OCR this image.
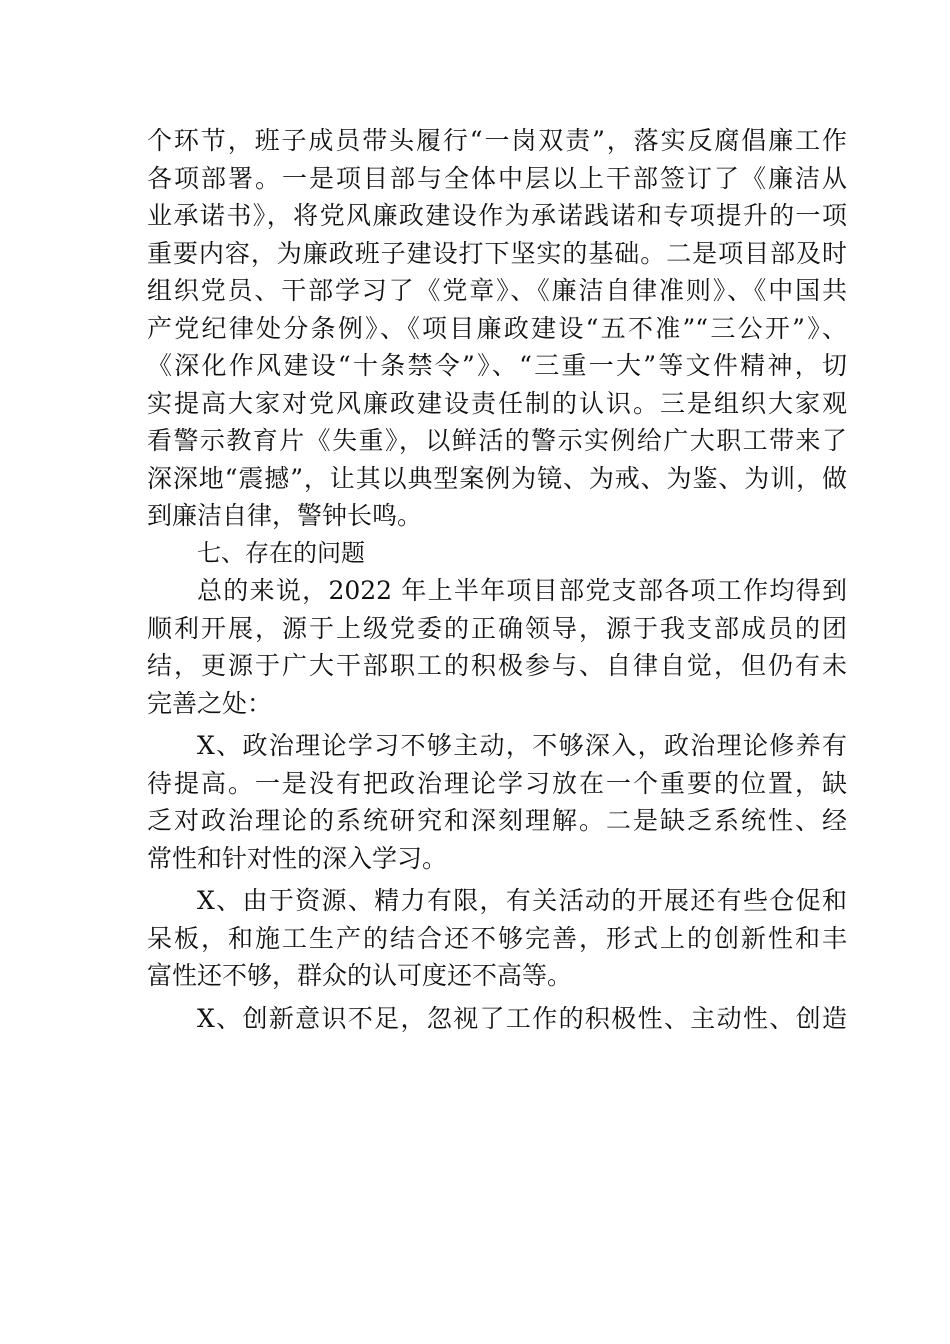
个环节，班子成员带头履行“一岗双责”，落实反腐倡廉工作
各项部署。一是项目部与全体中层以上干部签订了《廉洁从
业承诺书》，将党风廉政建设作为承诺践诺和专项提升的一项
重要内容，为廉政班子建设打下坚实的基础。二是项目部及时
组织党员、干部学习了《党章》、《廉洁自律准则》、《中国共
产党纪律处分条例》、《项目廉政建设“五不准”“三公开”》、
《深化作风建设“十条禁令”》、“三重一大”等文件精神，切
实提高大家对党风廉政建设责任制的认识。三是组织大家观
看警示教育片《失重》，以鲜活的警示实例给广大职工带来了
深深地“震撼”，让其以典型案例为镜、为戒、为鉴、为训，做
到廉洁自律，警钟长鸣。
七、存在的问题
总的来说，2022 年上半年项目部党支部各项工作均得到
顺利开展，源于上级党委的正确领导，源于我支部成员的团
结，更源于广大干部职工的积极参与、自律自觉，但仍有未
完善之处：
X、政治理论学习不够主动，不够深入，政治理论修养有
待提高。一是没有把政治理论学习放在一个重要的位置，缺
乏对政治理论的系统研究和深刻理解。二是缺乏系统性、经
常性和针对性的深入学习。
X、由于资源、精力有限，有关活动的开展还有些仓促和
呆板，和施工生产的结合还不够完善，形式上的创新性和丰
富性还不够，群众的认可度还不高等。
X、创新意识不足，忽视了工作的积极性、主动性、创造
